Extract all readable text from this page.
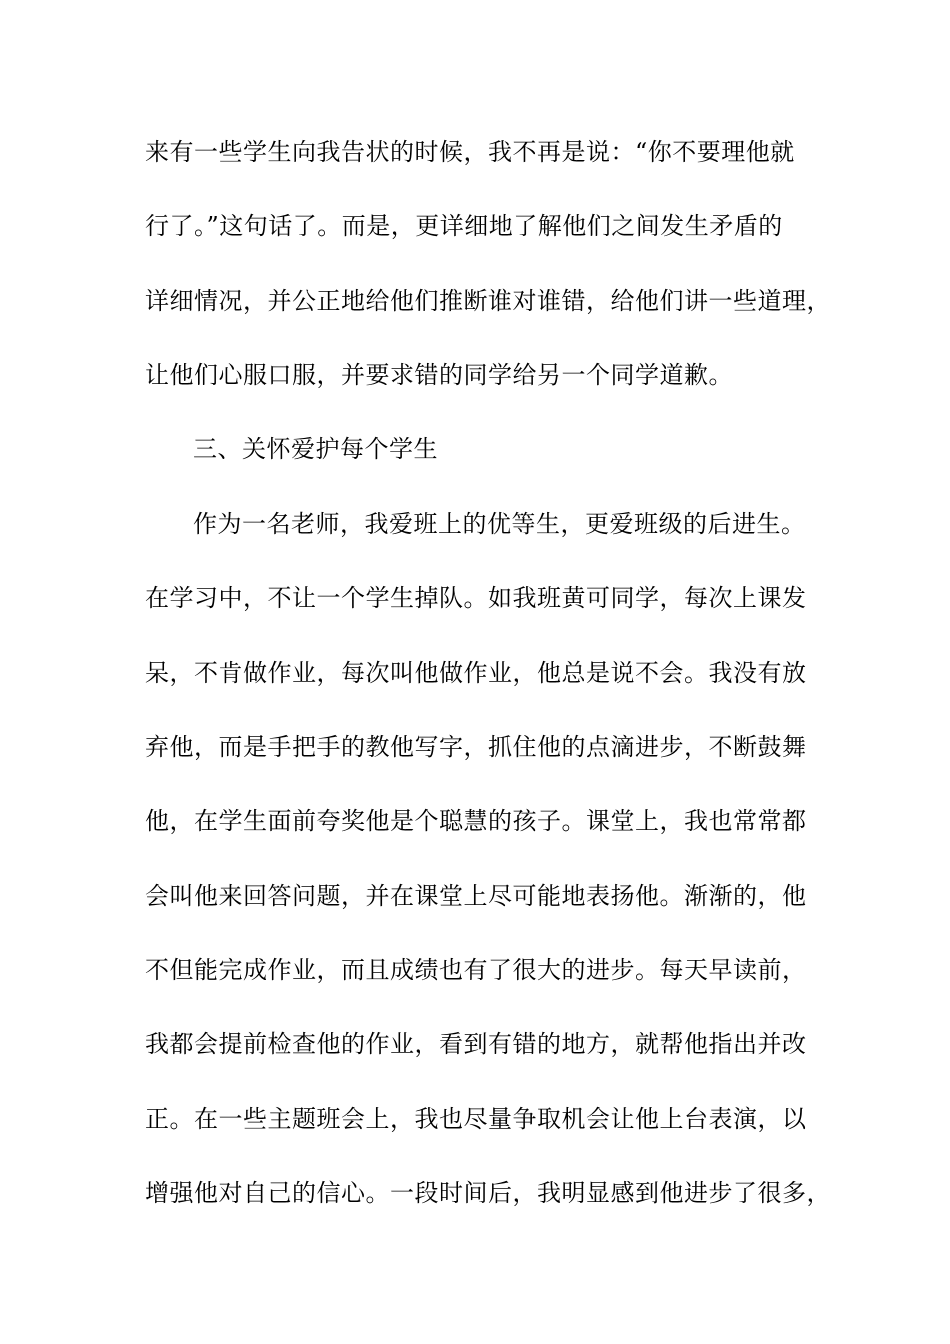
来有一些学生向我告状的时候，我不再是说：“你不要理他就
行了。”这句话了。而是，更详细地了解他们之间发生矛盾的
详细情况，并公正地给他们推断谁对谁错，给他们讲一些道理，
让他们心服口服，并要求错的同学给另一个同学道歉。
三、关怀爱护每个学生
作为一名老师，我爱班上的优等生，更爱班级的后进生。
在学习中，不让一个学生掉队。如我班黄可同学，每次上课发
呆，不肯做作业，每次叫他做作业，他总是说不会。我没有放
弃他，而是手把手的教他写字，抓住他的点滴进步，不断鼓舞
他，在学生面前夸奖他是个聪慧的孩子。课堂上，我也常常都
会叫他来回答问题，并在课堂上尽可能地表扬他。渐渐的，他
不但能完成作业，而且成绩也有了很大的进步。每天早读前，
我都会提前检查他的作业，看到有错的地方，就帮他指出并改
正。在一些主题班会上，我也尽量争取机会让他上台表演，以
增强他对自己的信心。一段时间后，我明显感到他进步了很多，
